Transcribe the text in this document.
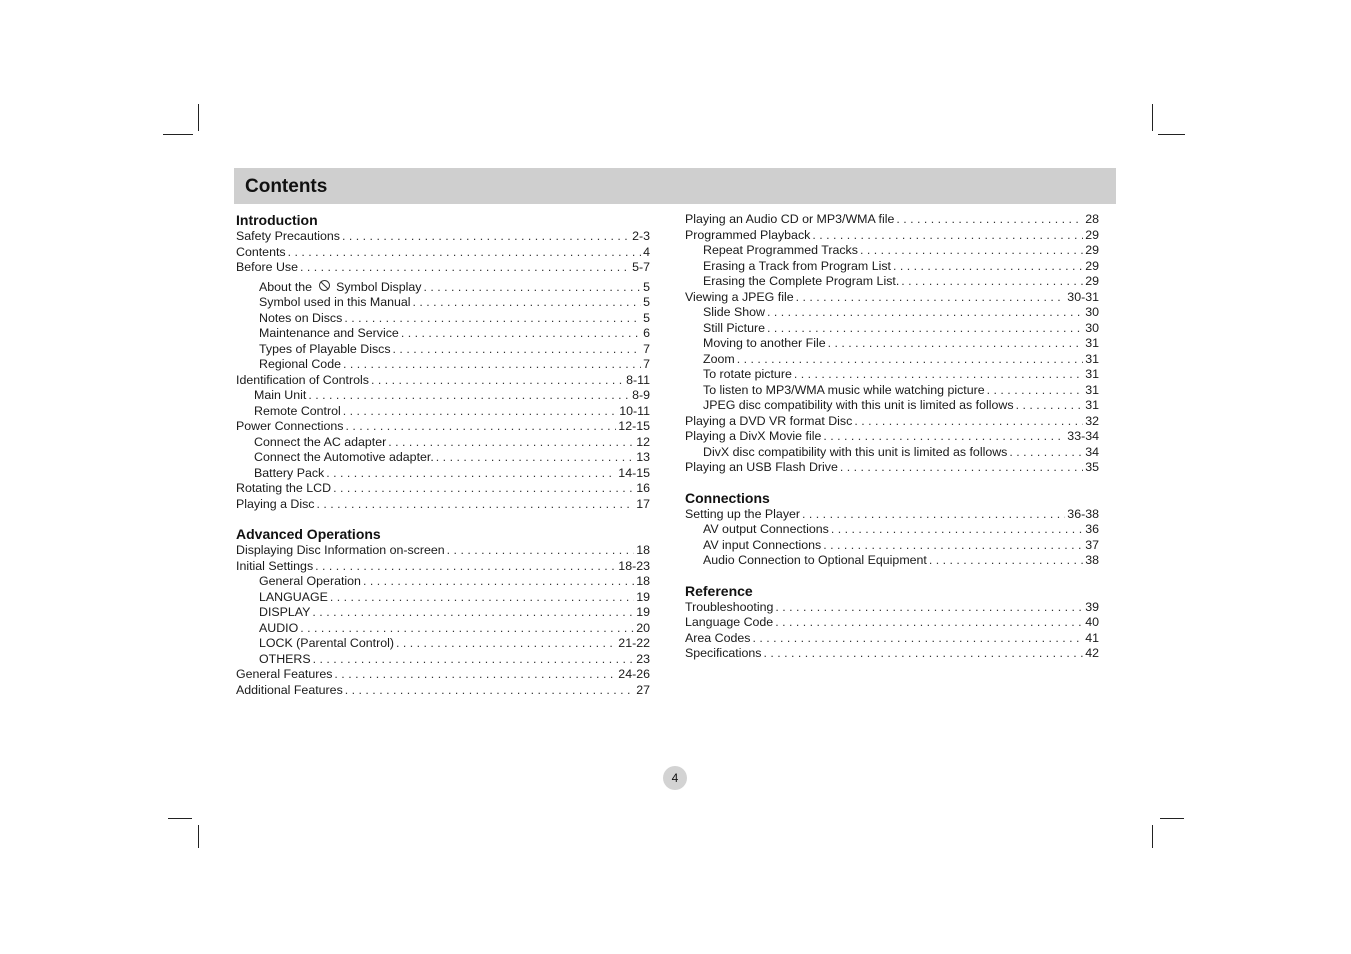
Contents
Introduction
Safety Precautions . . .	2-3
Contents . . .	4
Before Use . . .	5-7
About the Symbol Display . . .	5
Symbol used in this Manual . . .	5
Notes on Discs . . .	5
Maintenance and Service . . .	6
Types of Playable Discs . . .	7
Regional Code . . .	7
Identification of Controls . . .	8-11
Main Unit . . .	8-9
Remote Control . . .	10-11
Power Connections . . .	12-15
Connect the AC adapter . . .	12
Connect the Automotive adapter. . . .	13
Battery Pack . . .	14-15
Rotating the LCD . . .	16
Playing a Disc . . .	17
Advanced Operations
Displaying Disc Information on-screen . . .	18
Initial Settings . . .	18-23
General Operation . . .	18
LANGUAGE . . .	19
DISPLAY . . .	19
AUDIO . . .	20
LOCK (Parental Control) . . .	21-22
OTHERS . . .	23
General Features . . .	24-26
Additional Features . . .	27
Playing an Audio CD or MP3/WMA file . . .	28
Programmed Playback . . .	29
Repeat Programmed Tracks . . .	29
Erasing a Track from Program List . . .	29
Erasing the Complete Program List. . . .	29
Viewing a JPEG file . . .	30-31
Slide Show . . .	30
Still Picture . . .	30
Moving to another File . . .	31
Zoom . . .	31
To rotate picture . . .	31
To listen to MP3/WMA music while watching picture . . .	31
JPEG disc compatibility with this unit is limited as follows . . .	31
Playing a DVD VR format Disc . . .	32
Playing a DivX Movie file . . .	33-34
DivX disc compatibility with this unit is limited as follows . . .	34
Playing an USB Flash Drive . . .	35
Connections
Setting up the Player . . .	36-38
AV output Connections . . .	36
AV input Connections . . .	37
Audio Connection to Optional Equipment . . .	38
Reference
Troubleshooting . . .	39
Language Code . . .	40
Area Codes . . .	41
Specifications . . .	42
4
